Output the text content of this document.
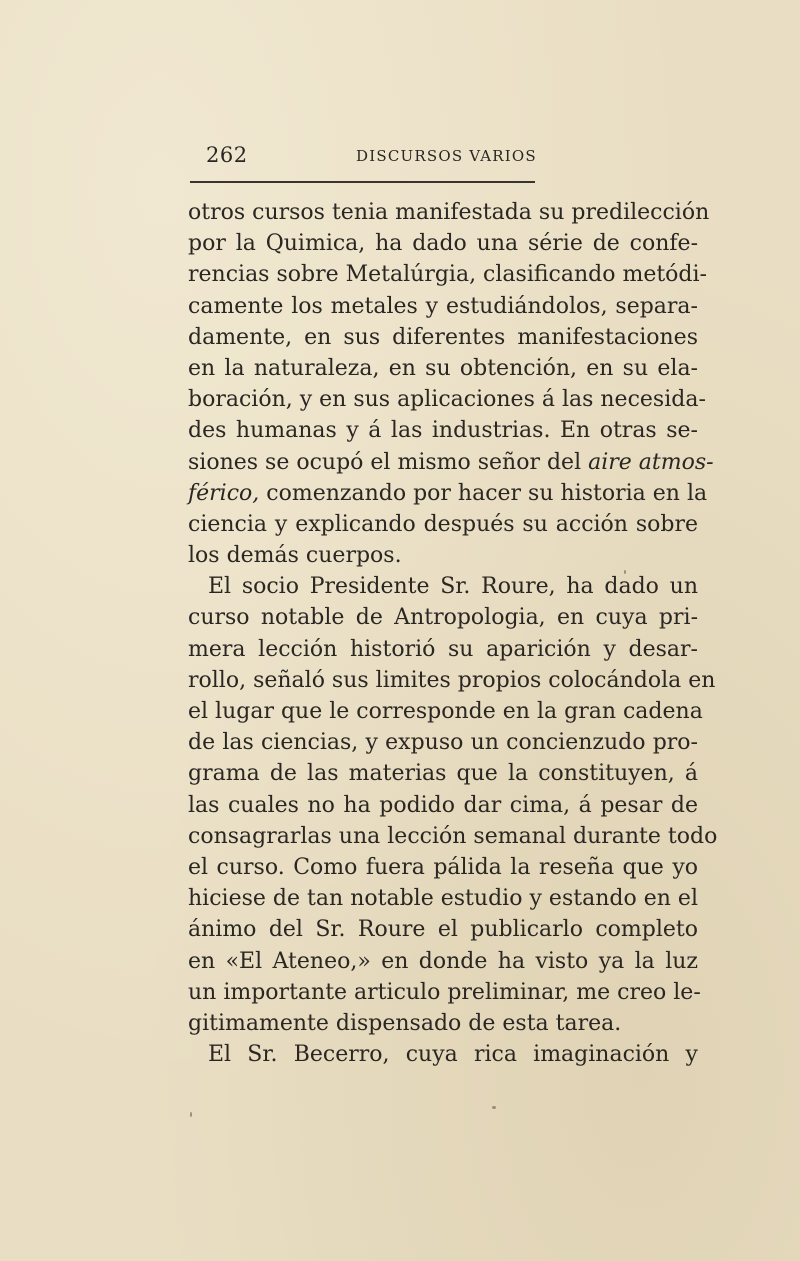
262	DISCURSOS VARIOS
otros cursos tenia manifestada su predilección
por la Quimica, ha dado una série de confe-
rencias sobre Metalúrgia, clasificando metódi-
camente los metales y estudiándolos, separa-
damente, en sus diferentes manifestaciones
en la naturaleza, en su obtención, en su ela-
boración, y en sus aplicaciones á las necesida-
des humanas y á las industrias. En otras se-
siones se ocupó el mismo señor del aire atmos-
férico, comenzando por hacer su historia en la
ciencia y explicando después su acción sobre
los demás cuerpos.
El socio Presidente Sr. Roure, ha dado un
curso notable de Antropologia, en cuya pri-
mera lección historió su aparición y desar-
rollo, señaló sus limites propios colocándola en
el lugar que le corresponde en la gran cadena
de las ciencias, y expuso un concienzudo pro-
grama de las materias que la constituyen, á
las cuales no ha podido dar cima, á pesar de
consagrarlas una lección semanal durante todo
el curso. Como fuera pálida la reseña que yo
hiciese de tan notable estudio y estando en el
ánimo del Sr. Roure el publicarlo completo
en «El Ateneo,» en donde ha visto ya la luz
un importante articulo preliminar, me creo le-
gitimamente dispensado de esta tarea.
El Sr. Becerro, cuya rica imaginación y
